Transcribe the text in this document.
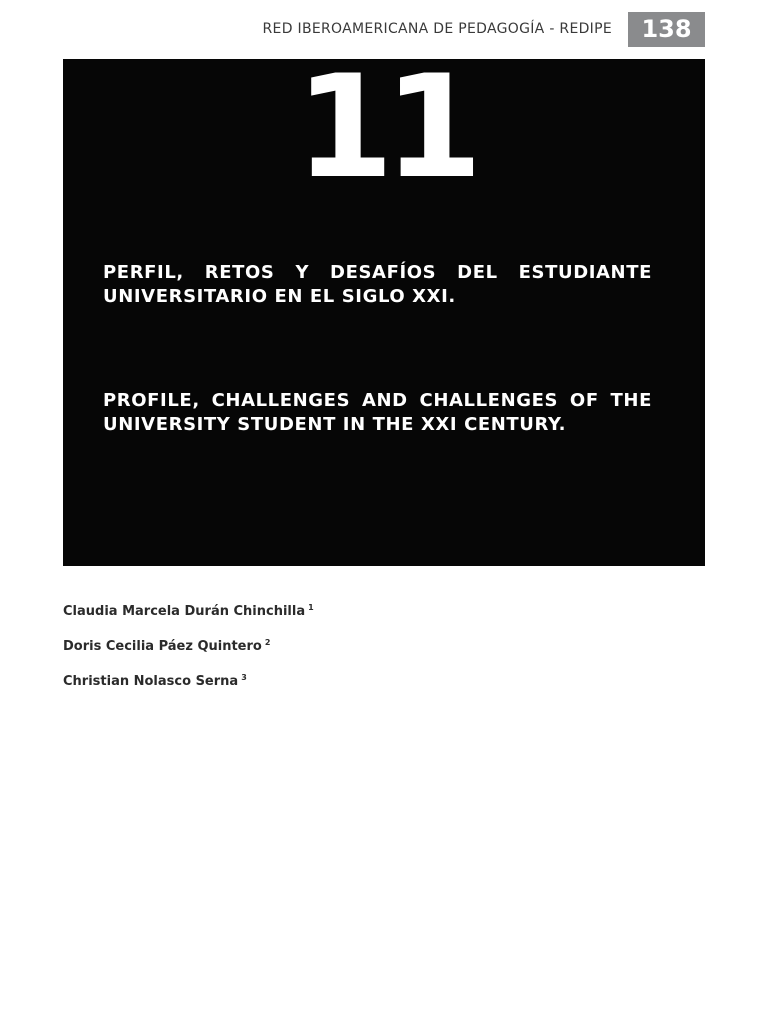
RED IBEROAMERICANA DE PEDAGOGÍA - REDIPE	138
11
PERFIL, RETOS Y DESAFÍOS DEL ESTUDIANTE UNIVERSITARIO EN EL SIGLO XXI.
PROFILE, CHALLENGES AND CHALLENGES OF THE UNIVERSITY STUDENT IN THE XXI CENTURY.
Claudia Marcela Durán Chinchilla $^1$
Doris Cecilia Páez Quintero $^2$
Christian Nolasco Serna $^3$
